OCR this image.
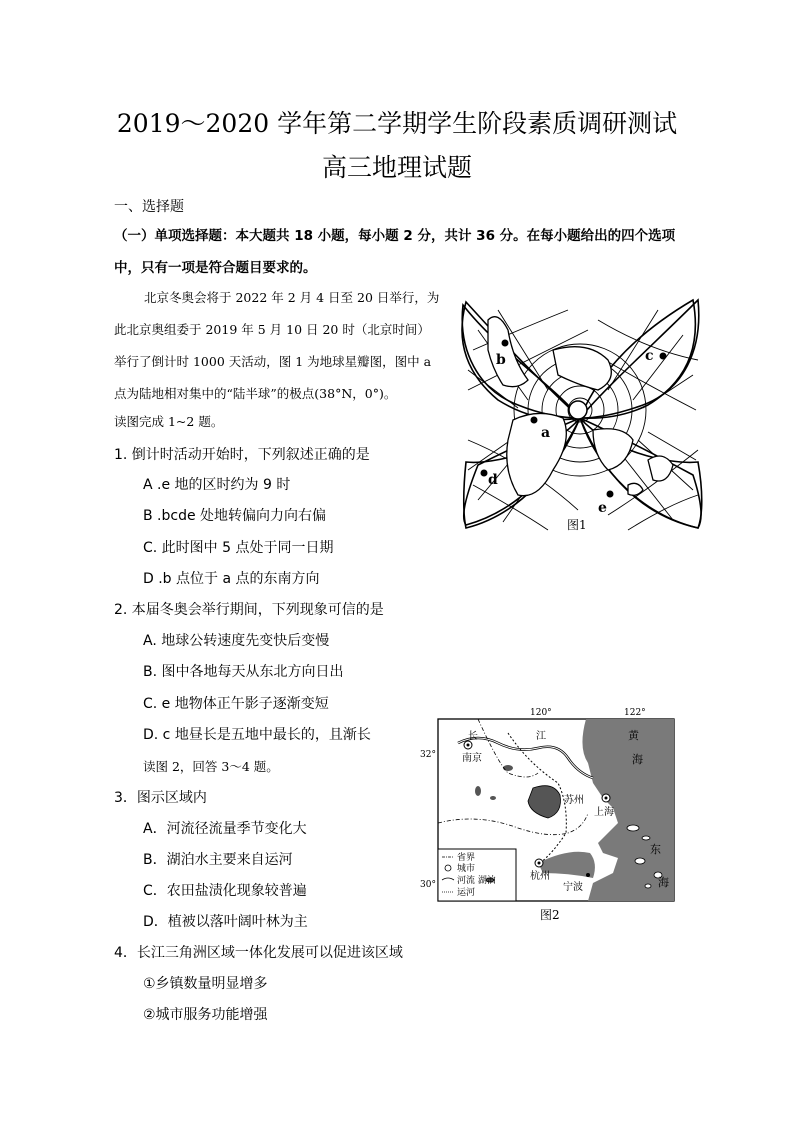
2019～2020 学年第二学期学生阶段素质调研测试
高三地理试题
一、选择题
（一）单项选择题：本大题共 18 小题，每小题 2 分，共计 36 分。在每小题给出的四个选项
中，只有一项是符合题目要求的。
北京冬奥会将于 2022 年 2 月 4 日至 20 日举行，为
此北京奥组委于 2019 年 5 月 10 日 20 时（北京时间）
举行了倒计时 1000 天活动，图 1 为地球星瓣图，图中 a
点为陆地相对集中的“陆半球”的极点(38°N，0°)。
读图完成 1~2 题。
a
b	c
d
e
图1
1. 倒计时活动开始时，下列叙述正确的是
A .e 地的区时约为 9 时
B .bcde 处地转偏向力向右偏
C. 此时图中 5 点处于同一日期
D .b 点位于 a 点的东南方向
2. 本届冬奥会举行期间，下列现象可信的是
A. 地球公转速度先变快后变慢
B. 图中各地每天从东北方向日出
C. e 地物体正午影子逐渐变短
D. c 地昼长是五地中最长的，且渐长
读图 2，回答 3～4 题。
120°	122°
32°
30°
长	江
南京
苏州
上海
杭州
宁波
黄
海
东
海
省界
城市
河流 湖泊
运河
图2
3．图示区域内
A．河流径流量季节变化大
B．湖泊水主要来自运河
C．农田盐渍化现象较普遍
D．植被以落叶阔叶林为主
4．长江三角洲区域一体化发展可以促进该区域
①乡镇数量明显增多
②城市服务功能增强
